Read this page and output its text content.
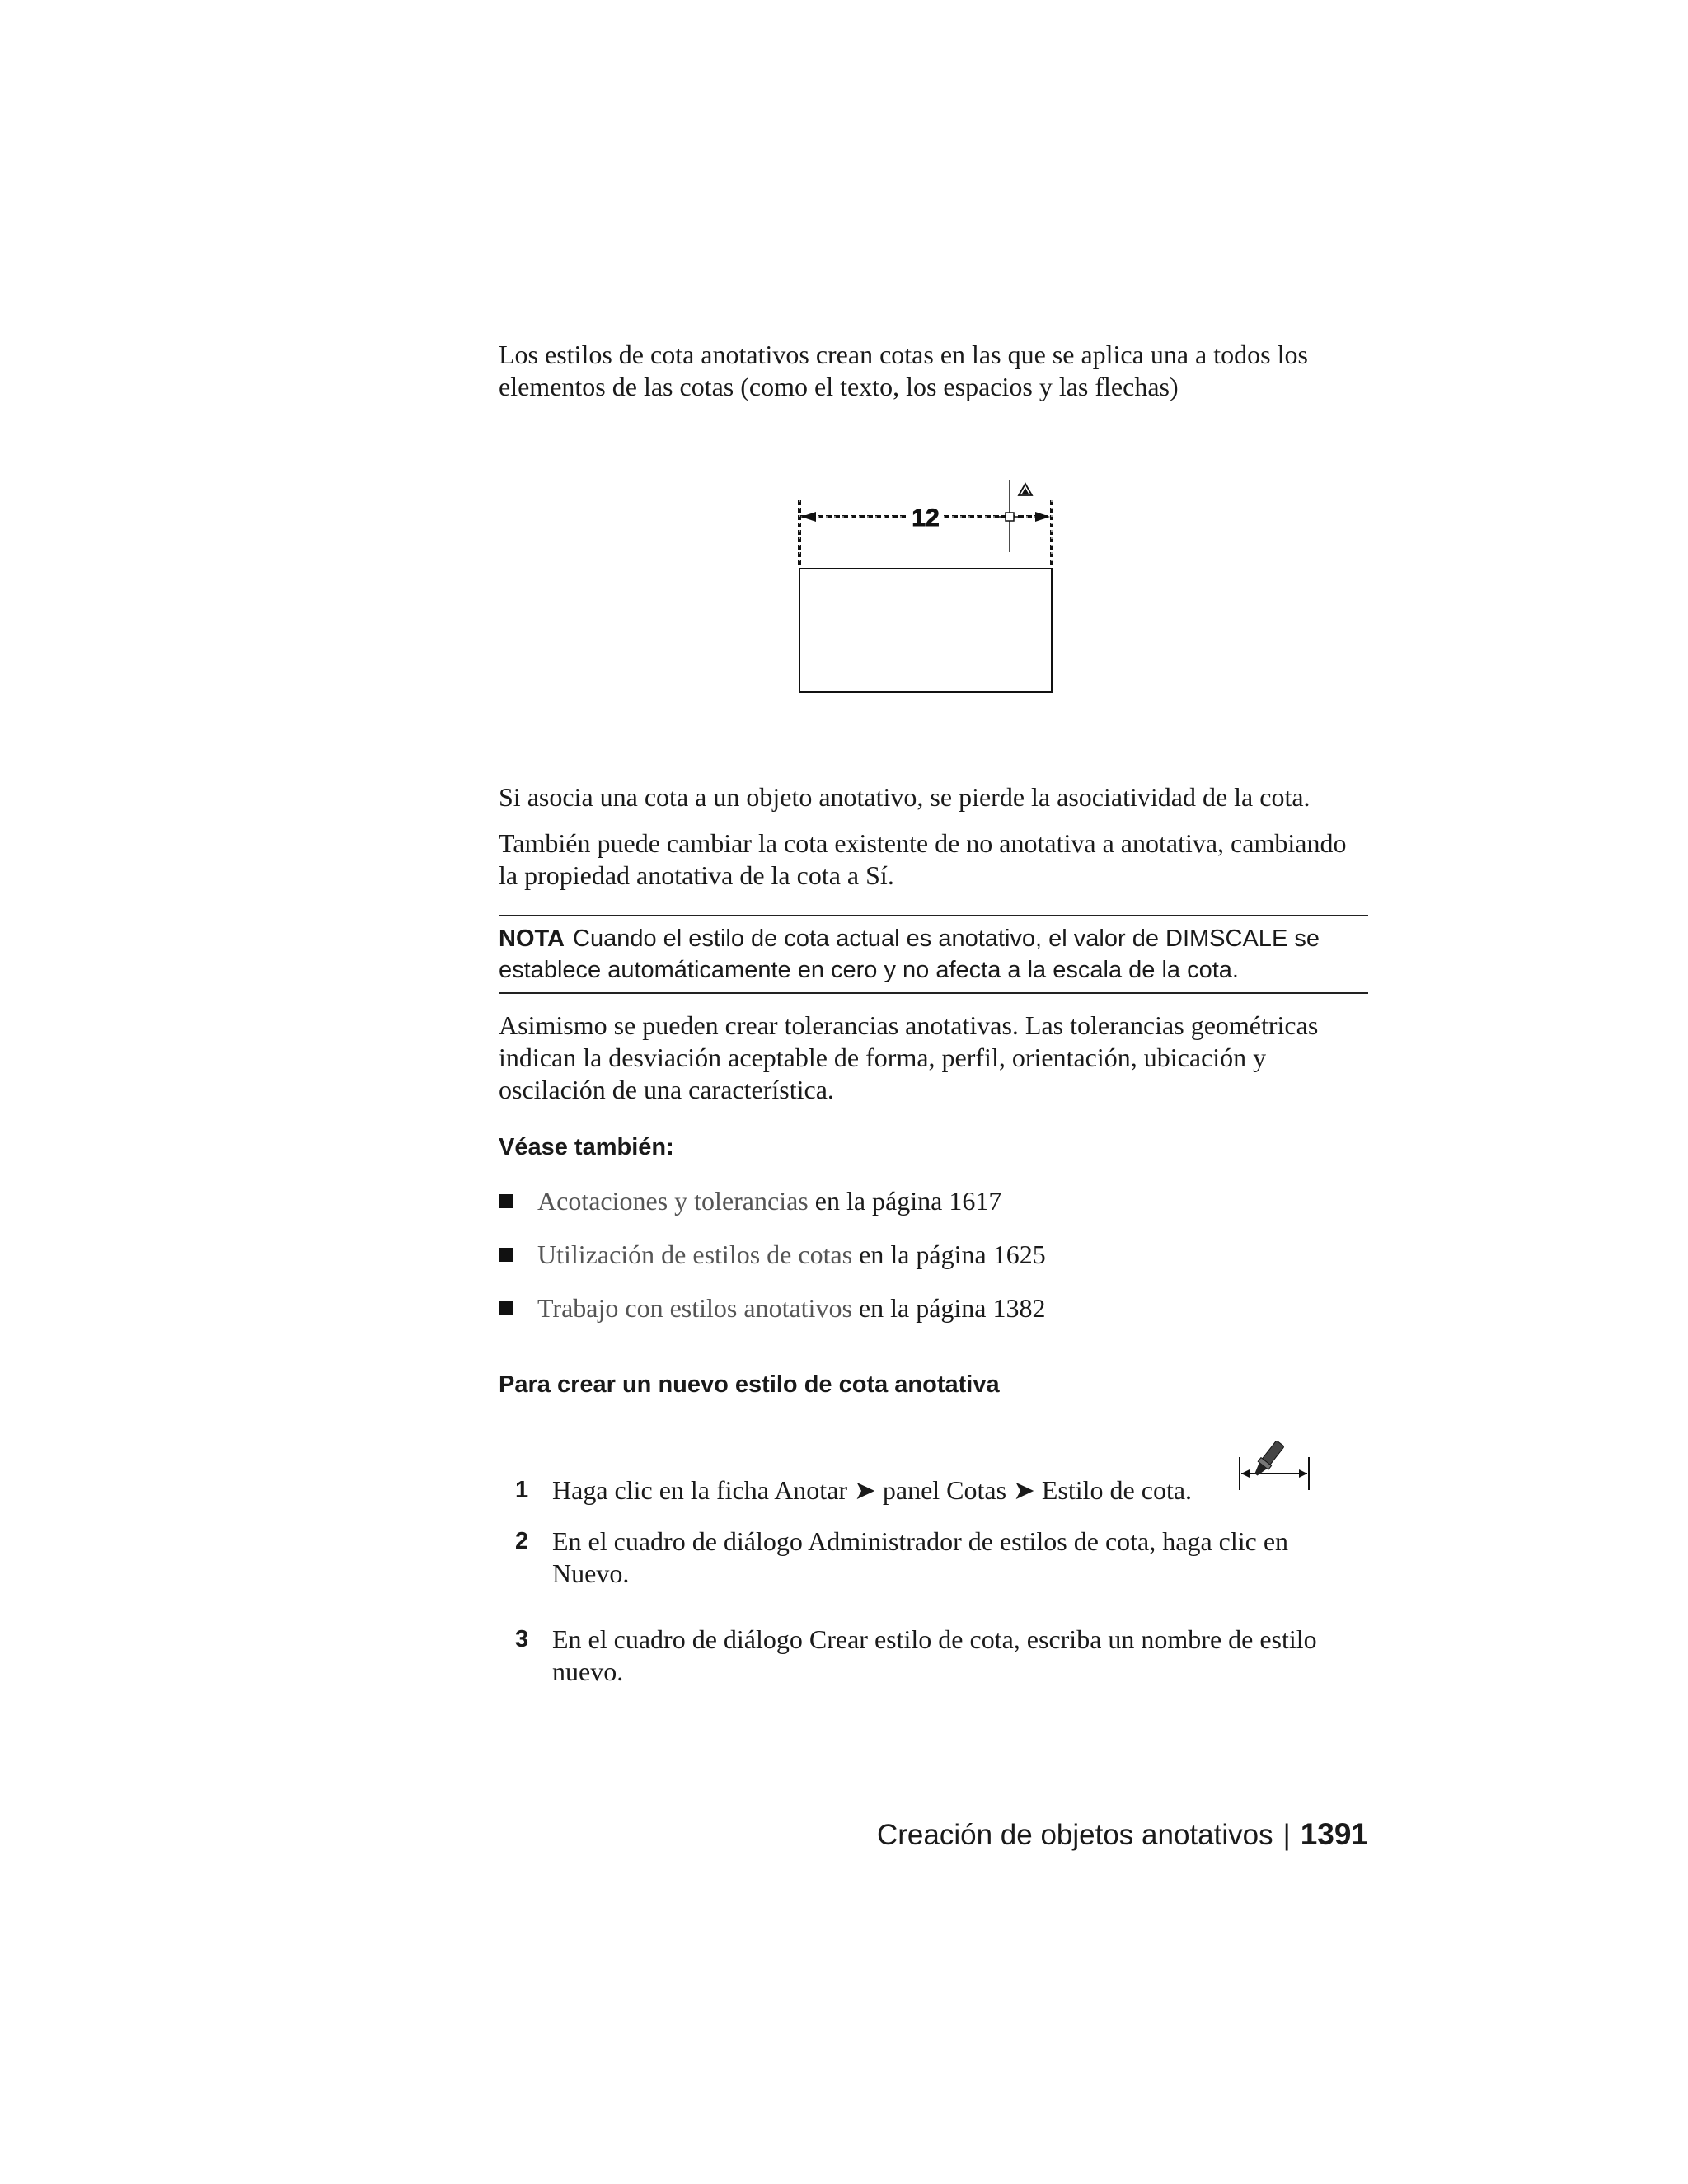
Los estilos de cota anotativos crean cotas en las que se aplica una a todos los elementos de las cotas (como el texto, los espacios y las flechas)

12

Si asocia una cota a un objeto anotativo, se pierde la asociatividad de la cota.

También puede cambiar la cota existente de no anotativa a anotativa, cambiando la propiedad anotativa de la cota a Sí.

NOTA Cuando el estilo de cota actual es anotativo, el valor de DIMSCALE se establece automáticamente en cero y no afecta a la escala de la cota.

Asimismo se pueden crear tolerancias anotativas. Las tolerancias geométricas indican la desviación aceptable de forma, perfil, orientación, ubicación y oscilación de una característica.

Véase también:

Acotaciones y tolerancias en la página 1617
Utilización de estilos de cotas en la página 1625
Trabajo con estilos anotativos en la página 1382

Para crear un nuevo estilo de cota anotativa

1 Haga clic en la ficha Anotar ➤ panel Cotas ➤ Estilo de cota.
2 En el cuadro de diálogo Administrador de estilos de cota, haga clic en Nuevo.
3 En el cuadro de diálogo Crear estilo de cota, escriba un nombre de estilo nuevo.
Creación de objetos anotativos | 1391
